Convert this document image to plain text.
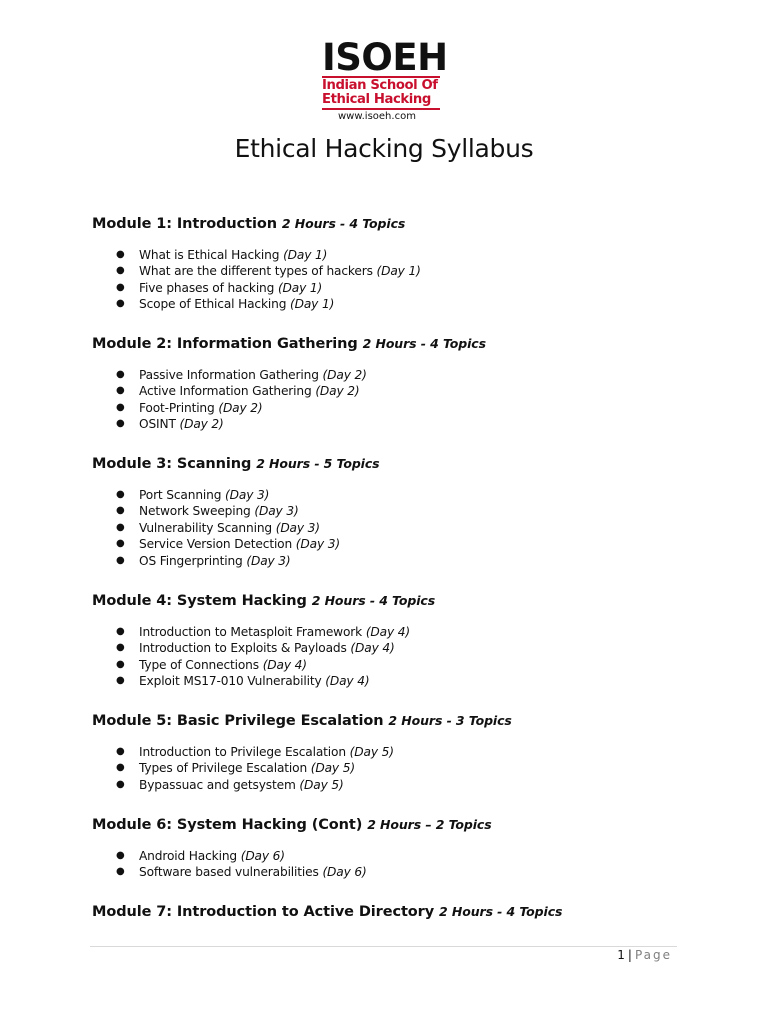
ISOEH
Indian School Of
Ethical Hacking
www.isoeh.com
Ethical Hacking Syllabus

Module 1: Introduction 2 Hours - 4 Topics

● What is Ethical Hacking (Day 1)
● What are the different types of hackers (Day 1)
● Five phases of hacking (Day 1)
● Scope of Ethical Hacking (Day 1)

Module 2: Information Gathering 2 Hours - 4 Topics

● Passive Information Gathering (Day 2)
● Active Information Gathering (Day 2)
● Foot-Printing (Day 2)
● OSINT (Day 2)

Module 3: Scanning 2 Hours - 5 Topics

● Port Scanning (Day 3)
● Network Sweeping (Day 3)
● Vulnerability Scanning (Day 3)
● Service Version Detection (Day 3)
● OS Fingerprinting (Day 3)

Module 4: System Hacking 2 Hours - 4 Topics

● Introduction to Metasploit Framework (Day 4)
● Introduction to Exploits & Payloads (Day 4)
● Type of Connections (Day 4)
● Exploit MS17-010 Vulnerability (Day 4)

Module 5: Basic Privilege Escalation 2 Hours - 3 Topics

● Introduction to Privilege Escalation (Day 5)
● Types of Privilege Escalation (Day 5)
● Bypassuac and getsystem (Day 5)

Module 6: System Hacking (Cont) 2 Hours – 2 Topics

● Android Hacking (Day 6)
● Software based vulnerabilities (Day 6)

Module 7: Introduction to Active Directory 2 Hours - 4 Topics

1 | Page
